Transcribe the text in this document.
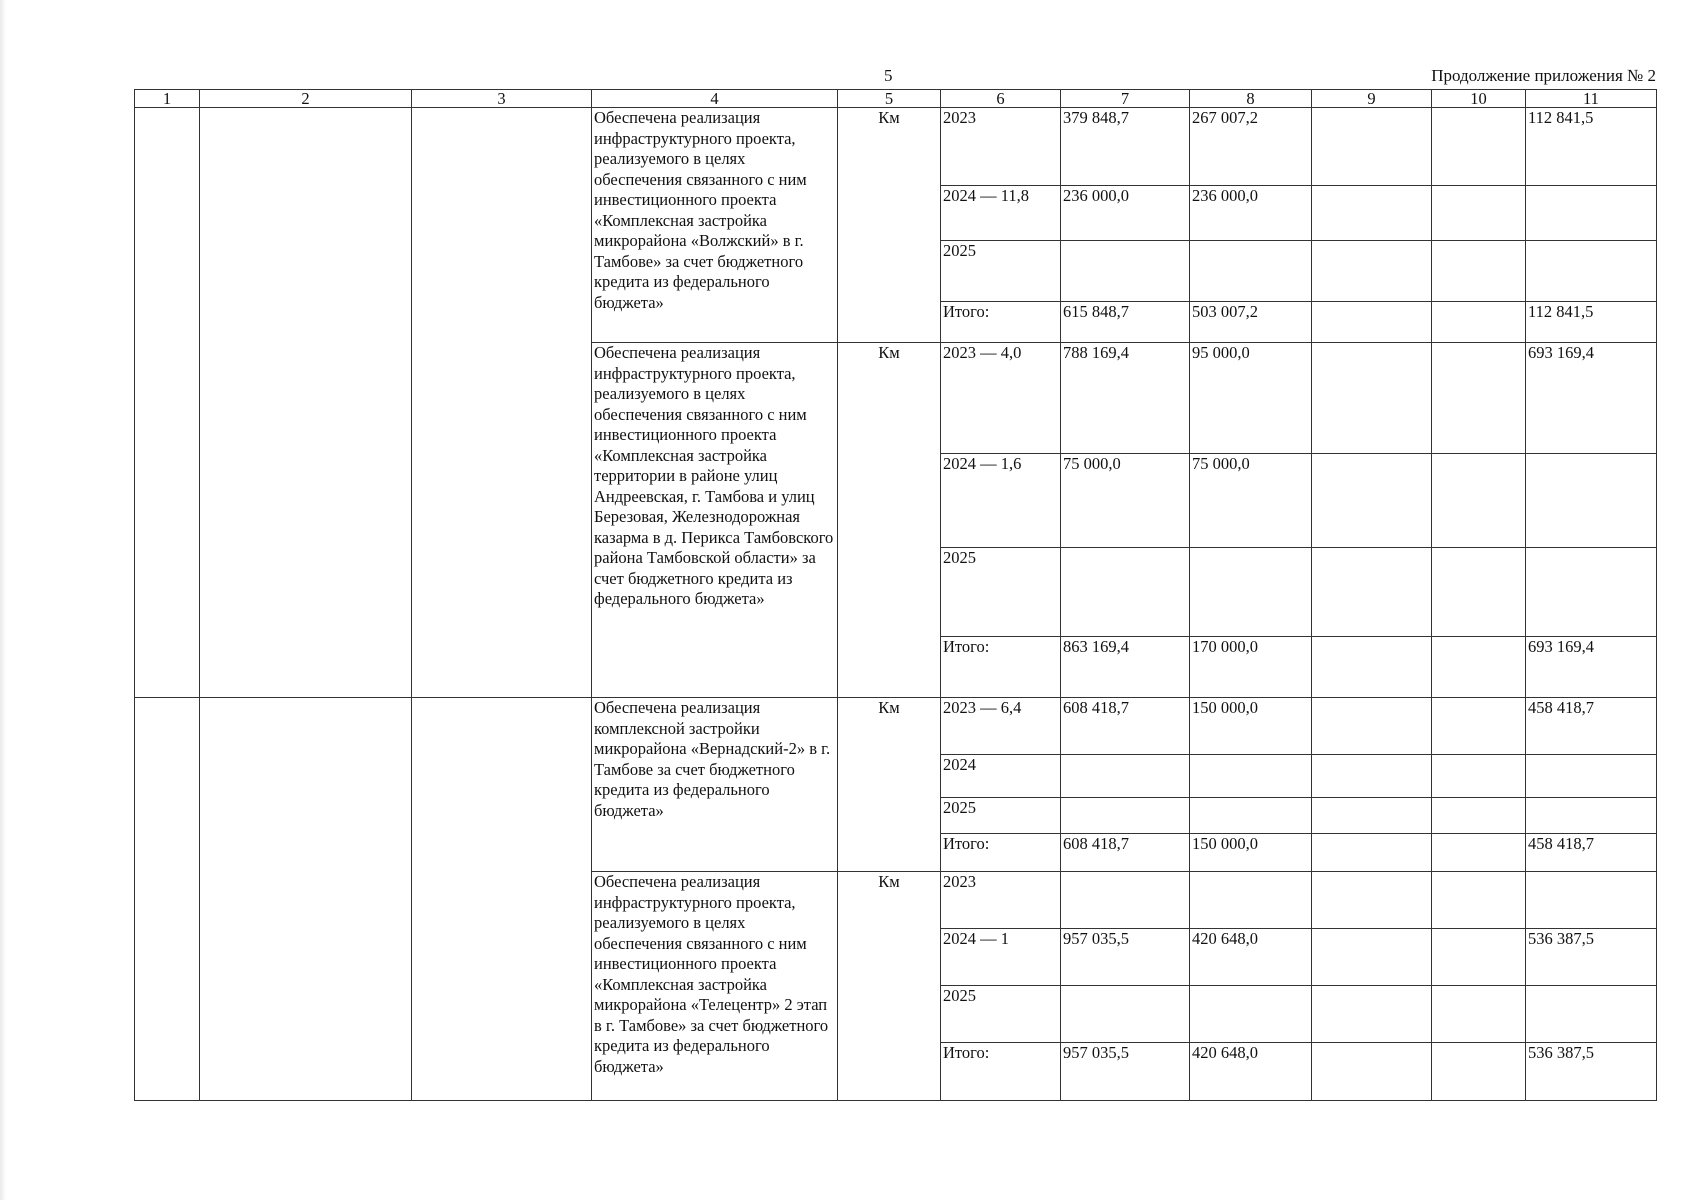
5	Продолжение приложения № 2
1	2	3	4	5	6	7	8	9	10	11
			Обеспечена реализация инфраструктурного проекта, реализуемого в целях обеспечения связанного с ним инвестиционного проекта «Комплексная застройка микрорайона «Волжский» в г. Тамбове» за счет бюджетного кредита из федерального бюджета»	Км	2023	379 848,7	267 007,2			112 841,5
					2024 — 11,8	236 000,0	236 000,0			
					2025					
					Итого:	615 848,7	503 007,2			112 841,5
			Обеспечена реализация инфраструктурного проекта, реализуемого в целях обеспечения связанного с ним инвестиционного проекта «Комплексная застройка территории в районе улиц Андреевская, г. Тамбова и улиц Березовая, Железнодорожная казарма в д. Перикса Тамбовского района Тамбовской области» за счет бюджетного кредита из федерального бюджета»	Км	2023 — 4,0	788 169,4	95 000,0			693 169,4
					2024 — 1,6	75 000,0	75 000,0			
					2025					
					Итого:	863 169,4	170 000,0			693 169,4
			Обеспечена реализация комплексной застройки микрорайона «Вернадский-2» в г. Тамбове за счет бюджетного кредита из федерального бюджета»	Км	2023 — 6,4	608 418,7	150 000,0			458 418,7
					2024					
					2025					
					Итого:	608 418,7	150 000,0			458 418,7
			Обеспечена реализация инфраструктурного проекта, реализуемого в целях обеспечения связанного с ним инвестиционного проекта «Комплексная застройка микрорайона «Телецентр» 2 этап в г. Тамбове» за счет бюджетного кредита из федерального бюджета»	Км	2023					
					2024 — 1	957 035,5	420 648,0			536 387,5
					2025					
					Итого:	957 035,5	420 648,0			536 387,5
